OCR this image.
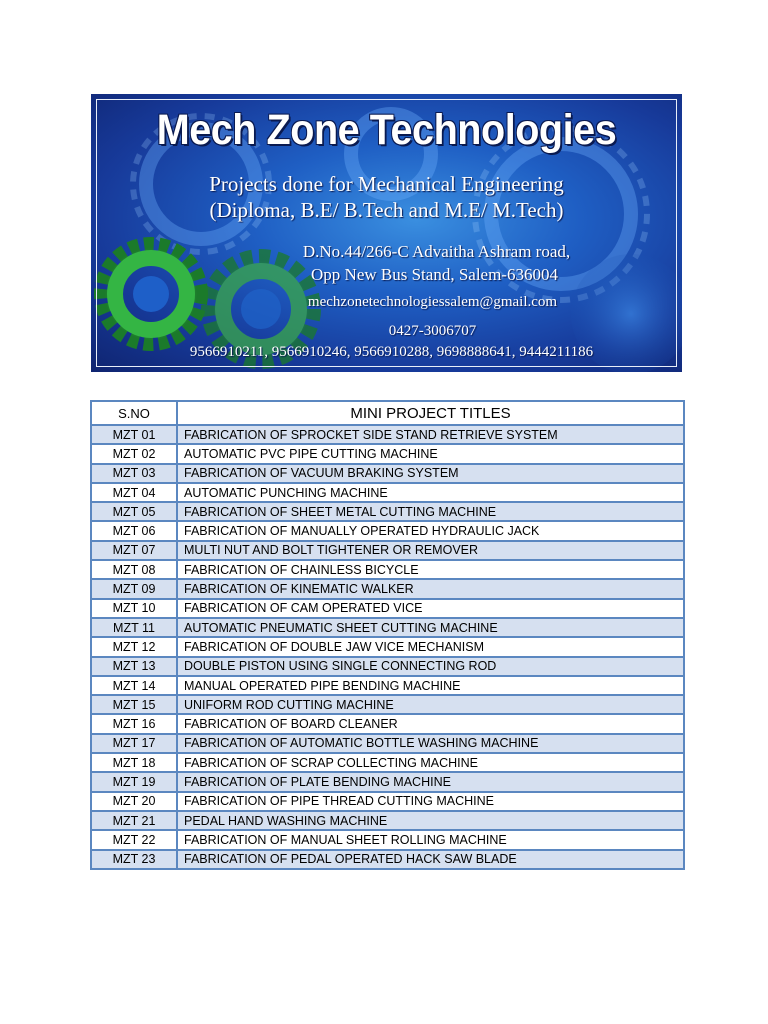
Mech Zone Technologies
Projects done for Mechanical Engineering
(Diploma, B.E/ B.Tech and M.E/ M.Tech)
D.No.44/266-C Advaitha Ashram road,
Opp New Bus Stand, Salem-636004
mechzonetechnologiessalem@gmail.com
0427-3006707
9566910211, 9566910246, 9566910288, 9698888641, 9444211186
S.NO	MINI PROJECT TITLES
MZT 01	FABRICATION OF SPROCKET SIDE STAND RETRIEVE SYSTEM
MZT 02	AUTOMATIC PVC PIPE CUTTING MACHINE
MZT 03	FABRICATION OF VACUUM BRAKING SYSTEM
MZT 04	AUTOMATIC PUNCHING MACHINE
MZT 05	FABRICATION OF SHEET METAL CUTTING MACHINE
MZT 06	FABRICATION OF MANUALLY OPERATED HYDRAULIC JACK
MZT 07	MULTI NUT AND BOLT TIGHTENER OR REMOVER
MZT 08	FABRICATION OF CHAINLESS BICYCLE
MZT 09	FABRICATION OF KINEMATIC WALKER
MZT 10	FABRICATION OF CAM OPERATED VICE
MZT 11	AUTOMATIC PNEUMATIC SHEET CUTTING MACHINE
MZT 12	FABRICATION OF DOUBLE JAW VICE MECHANISM
MZT 13	DOUBLE PISTON USING SINGLE CONNECTING ROD
MZT 14	MANUAL OPERATED PIPE BENDING MACHINE
MZT 15	UNIFORM ROD CUTTING MACHINE
MZT 16	FABRICATION OF BOARD CLEANER
MZT 17	FABRICATION OF AUTOMATIC BOTTLE WASHING MACHINE
MZT 18	FABRICATION OF SCRAP COLLECTING MACHINE
MZT 19	FABRICATION OF PLATE BENDING MACHINE
MZT 20	FABRICATION OF PIPE THREAD CUTTING MACHINE
MZT 21	PEDAL HAND WASHING MACHINE
MZT 22	FABRICATION OF MANUAL SHEET ROLLING MACHINE
MZT 23	FABRICATION OF PEDAL OPERATED HACK SAW BLADE
